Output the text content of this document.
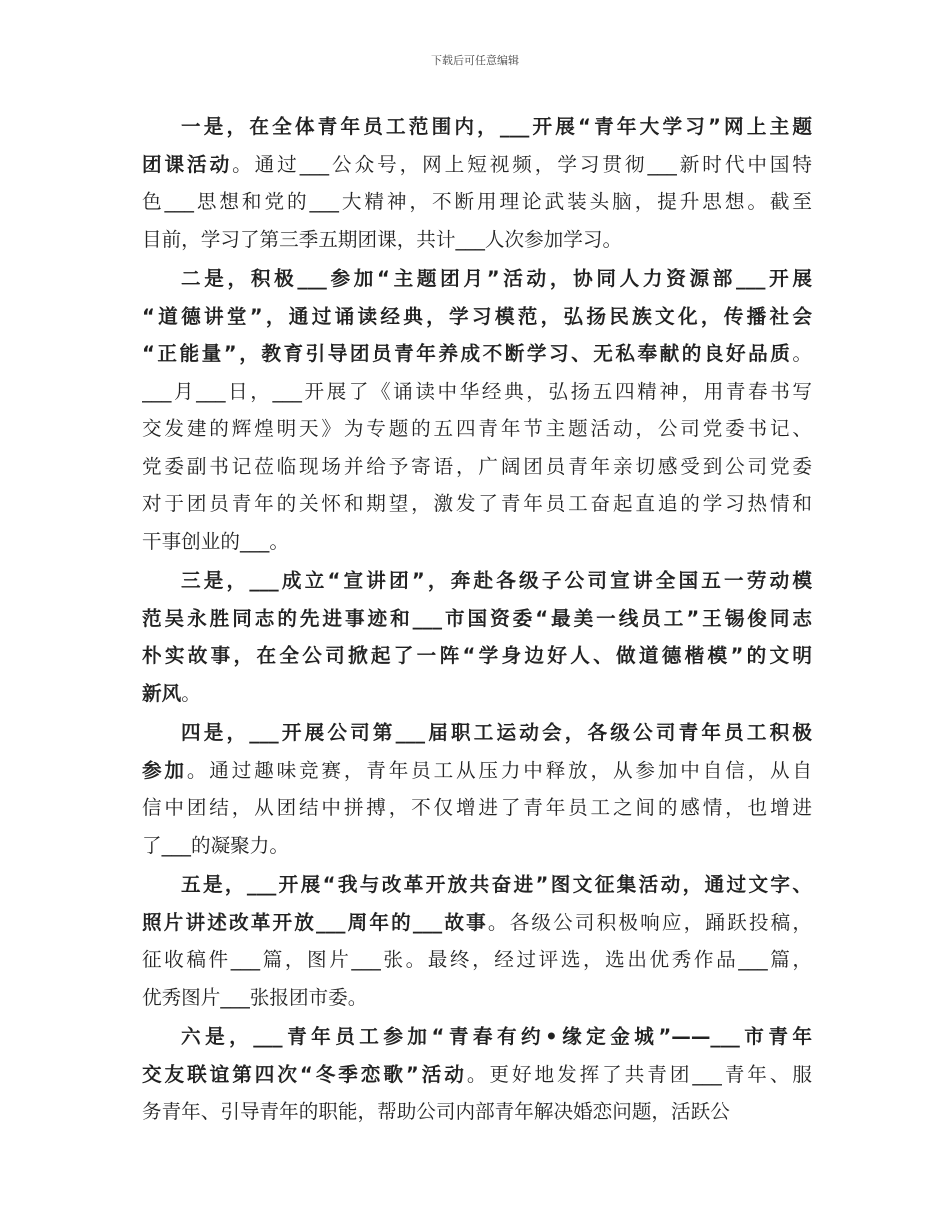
下载后可任意编辑
一是，在全体青年员工范围内，___开展“青年大学习”网上主题
团课活动。通过___公众号，网上短视频，学习贯彻___新时代中国特
色___思想和党的___大精神，不断用理论武装头脑，提升思想。截至
目前，学习了第三季五期团课，共计___人次参加学习。
二是，积极___参加“主题团月”活动，协同人力资源部___开展
“道德讲堂”，通过诵读经典，学习模范，弘扬民族文化，传播社会
“正能量”，教育引导团员青年养成不断学习、无私奉献的良好品质。
___月___日，___开展了《诵读中华经典，弘扬五四精神，用青春书写
交发建的辉煌明天》为专题的五四青年节主题活动，公司党委书记、
党委副书记莅临现场并给予寄语，广阔团员青年亲切感受到公司党委
对于团员青年的关怀和期望，激发了青年员工奋起直追的学习热情和
干事创业的___。
三是，___成立“宣讲团”，奔赴各级子公司宣讲全国五一劳动模
范吴永胜同志的先进事迹和___市国资委“最美一线员工”王锡俊同志
朴实故事，在全公司掀起了一阵“学身边好人、做道德楷模”的文明
新风。
四是，___开展公司第___届职工运动会，各级公司青年员工积极
参加。通过趣味竞赛，青年员工从压力中释放，从参加中自信，从自
信中团结，从团结中拼搏，不仅增进了青年员工之间的感情，也增进
了___的凝聚力。
五是，___开展“我与改革开放共奋进”图文征集活动，通过文字、
照片讲述改革开放___周年的___故事。各级公司积极响应，踊跃投稿，
征收稿件___篇，图片___张。最终，经过评选，选出优秀作品___篇，
优秀图片___张报团市委。
六是，___青年员工参加“青春有约•缘定金城”——___市青年
交友联谊第四次“冬季恋歌”活动。更好地发挥了共青团___青年、服
务青年、引导青年的职能，帮助公司内部青年解决婚恋问题，活跃公
